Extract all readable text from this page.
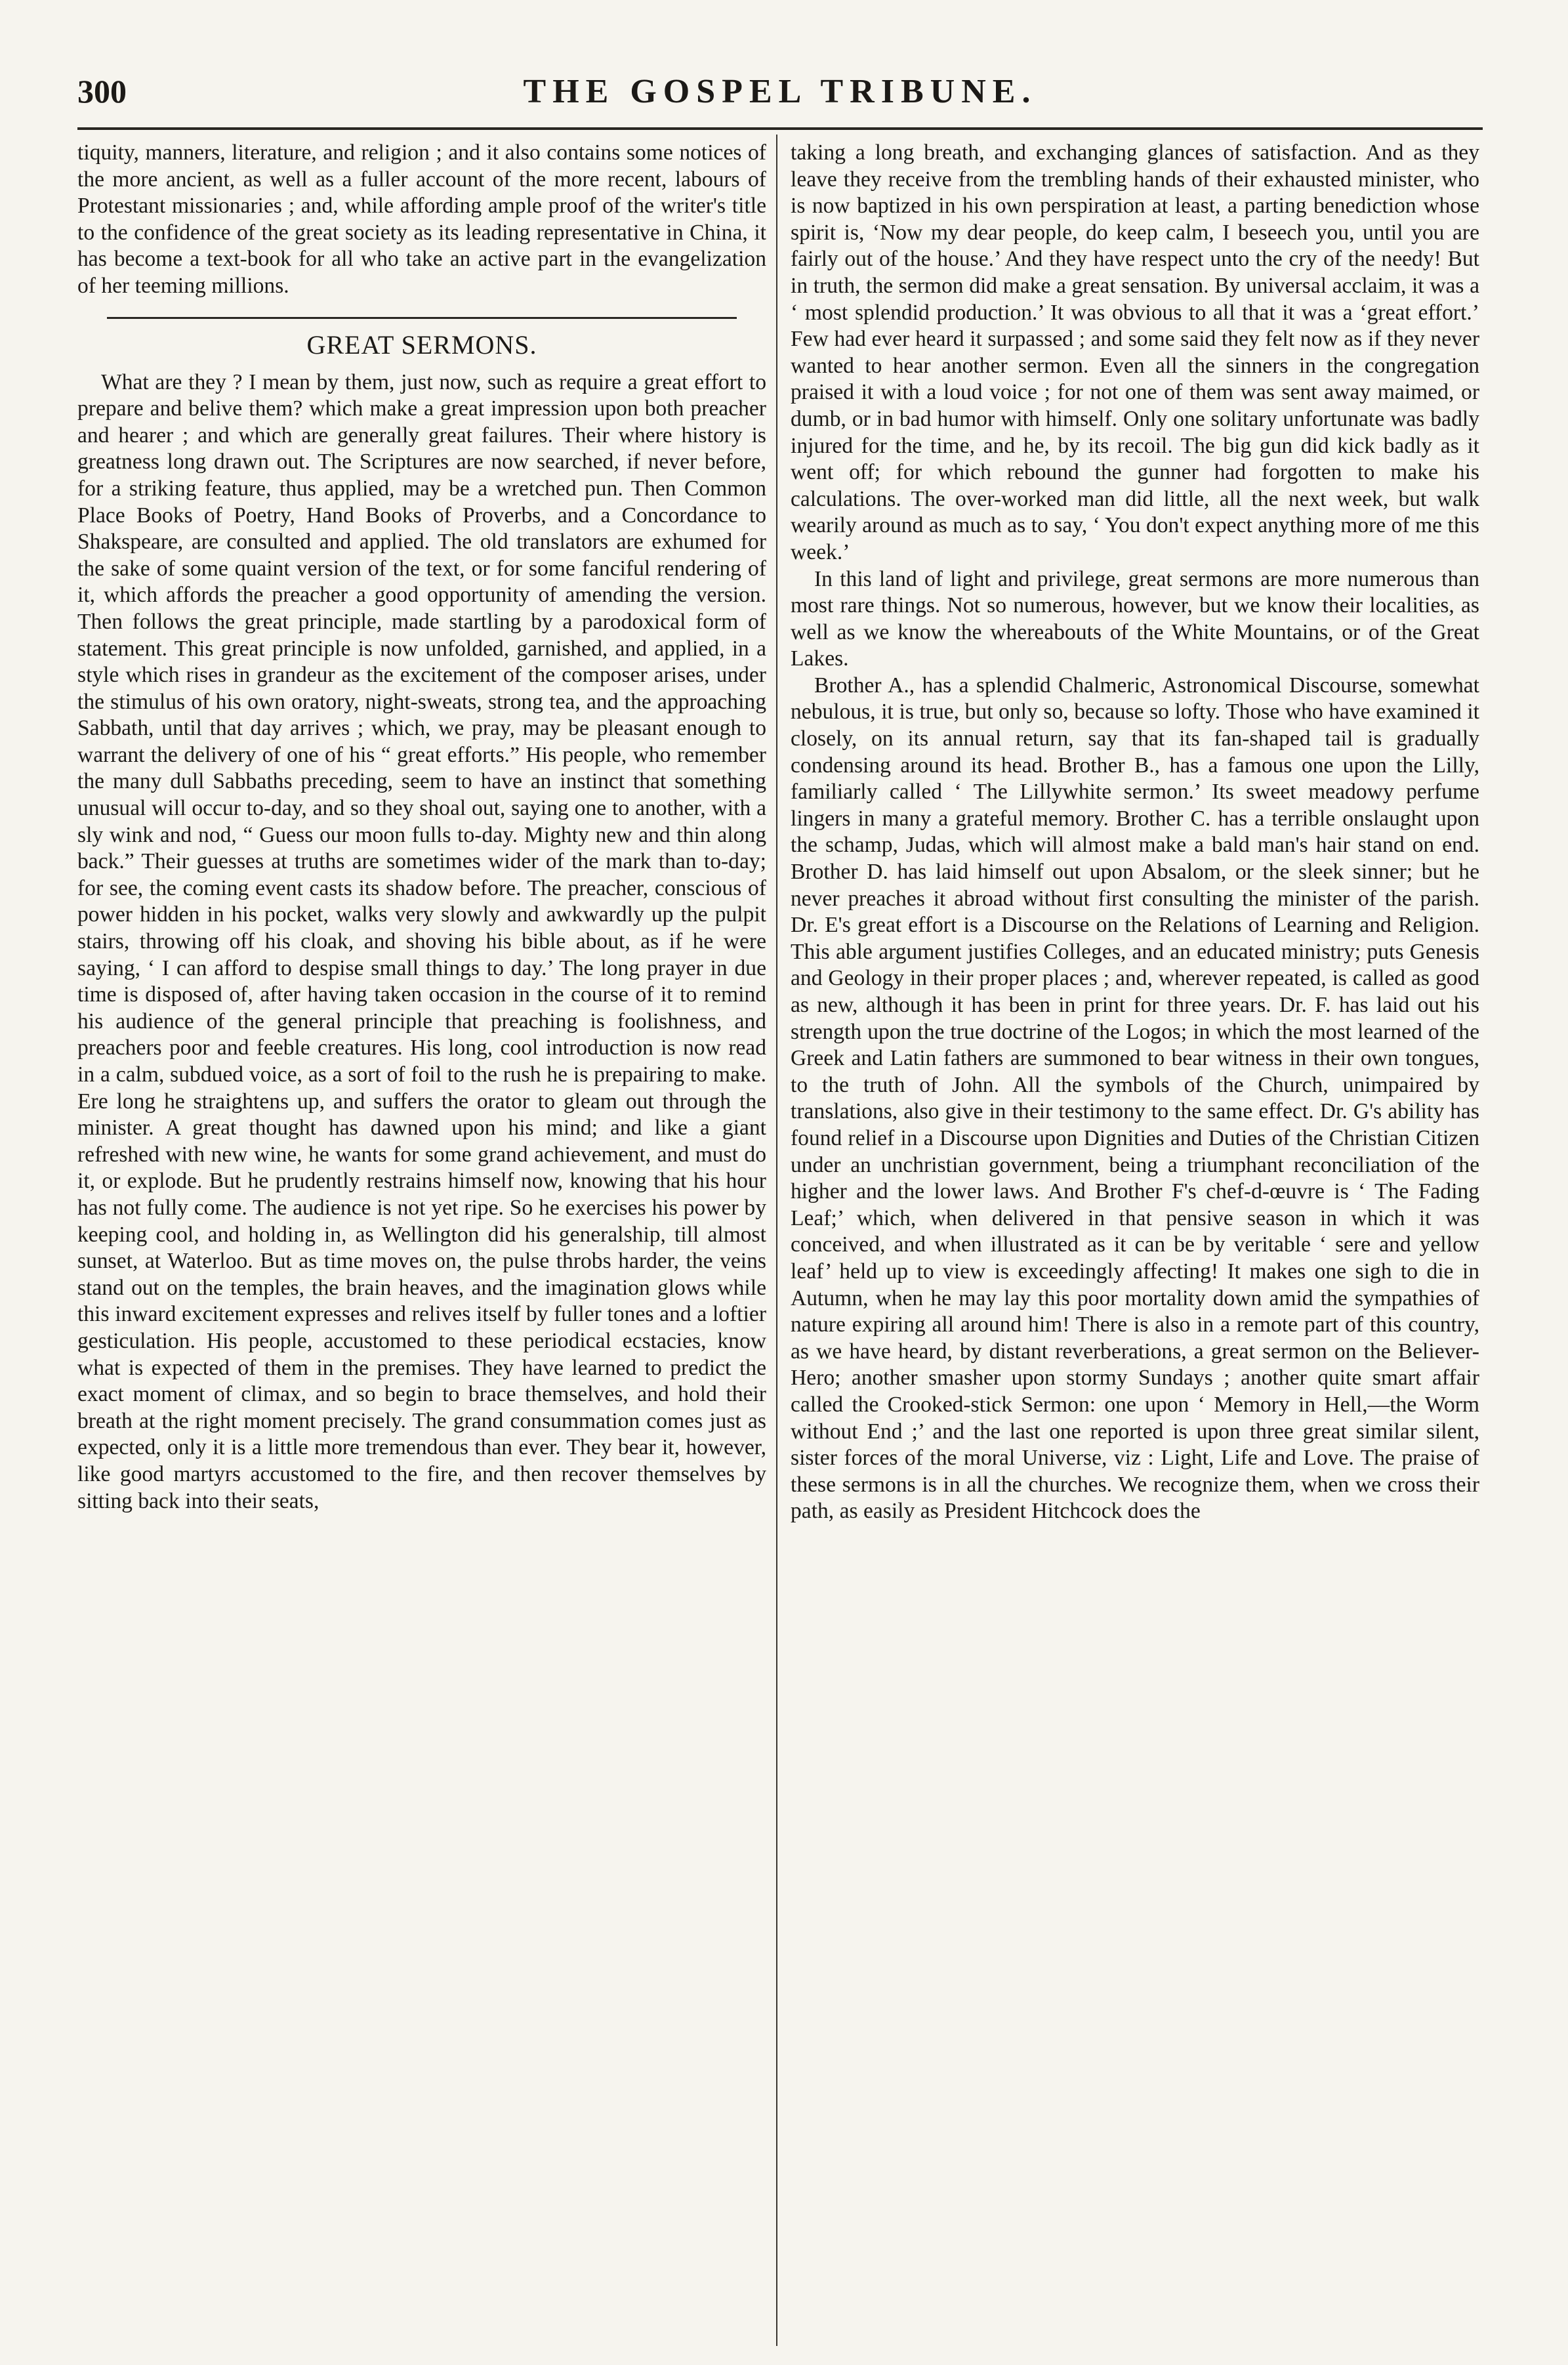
300	THE GOSPEL TRIBUNE.

tiquity, manners, literature, and religion ; and it also contains some notices of the more ancient, as well as a fuller account of the more recent, labours of Protestant missionaries ; and, while affording ample proof of the writer's title to the confidence of the great society as its leading representative in China, it has become a text-book for all who take an active part in the evangelization of her teeming millions.

GREAT SERMONS.

What are they ? I mean by them, just now, such as require a great effort to prepare and belive them? which make a great impression upon both preacher and hearer ; and which are generally great failures. Their where history is greatness long drawn out. The Scriptures are now searched, if never before, for a striking feature, thus applied, may be a wretched pun. Then Common Place Books of Poetry, Hand Books of Proverbs, and a Concordance to Shakspeare, are consulted and applied. The old translators are exhumed for the sake of some quaint version of the text, or for some fanciful rendering of it, which affords the preacher a good opportunity of amending the version. Then follows the great principle, made startling by a parodoxical form of statement. This great principle is now unfolded, garnished, and applied, in a style which rises in grandeur as the excitement of the composer arises, under the stimulus of his own oratory, night-sweats, strong tea, and the approaching Sabbath, until that day arrives ; which, we pray, may be pleasant enough to warrant the delivery of one of his “ great efforts.” His people, who remember the many dull Sabbaths preceding, seem to have an instinct that something unusual will occur to-day, and so they shoal out, saying one to another, with a sly wink and nod, “ Guess our moon fulls to-day. Mighty new and thin along back.” Their guesses at truths are sometimes wider of the mark than to-day; for see, the coming event casts its shadow before. The preacher, conscious of power hidden in his pocket, walks very slowly and awkwardly up the pulpit stairs, throwing off his cloak, and shoving his bible about, as if he were saying, ‘ I can afford to despise small things to day.’ The long prayer in due time is disposed of, after having taken occasion in the course of it to remind his audience of the general principle that preaching is foolishness, and preachers poor and feeble creatures. His long, cool introduction is now read in a calm, subdued voice, as a sort of foil to the rush he is prepairing to make. Ere long he straightens up, and suffers the orator to gleam out through the minister. A great thought has dawned upon his mind; and like a giant refreshed with new wine, he wants for some grand achievement, and must do it, or explode. But he prudently restrains himself now, knowing that his hour has not fully come. The audience is not yet ripe. So he exercises his power by keeping cool, and holding in, as Wellington did his generalship, till almost sunset, at Waterloo. But as time moves on, the pulse throbs harder, the veins stand out on the temples, the brain heaves, and the imagination glows while this inward excitement expresses and relives itself by fuller tones and a loftier gesticulation. His people, accustomed to these periodical ecstacies, know what is expected of them in the premises. They have learned to predict the exact moment of climax, and so begin to brace themselves, and hold their breath at the right moment precisely. The grand consummation comes just as expected, only it is a little more tremendous than ever. They bear it, however, like good martyrs accustomed to the fire, and then recover themselves by sitting back into their seats,

taking a long breath, and exchanging glances of satisfaction. And as they leave they receive from the trembling hands of their exhausted minister, who is now baptized in his own perspiration at least, a parting benediction whose spirit is, ‘Now my dear people, do keep calm, I beseech you, until you are fairly out of the house.’ And they have respect unto the cry of the needy! But in truth, the sermon did make a great sensation. By universal acclaim, it was a ‘ most splendid production.’ It was obvious to all that it was a ‘great effort.’ Few had ever heard it surpassed ; and some said they felt now as if they never wanted to hear another sermon. Even all the sinners in the congregation praised it with a loud voice ; for not one of them was sent away maimed, or dumb, or in bad humor with himself. Only one solitary unfortunate was badly injured for the time, and he, by its recoil. The big gun did kick badly as it went off; for which rebound the gunner had forgotten to make his calculations. The over-worked man did little, all the next week, but walk wearily around as much as to say, ‘ You don't expect anything more of me this week.’

In this land of light and privilege, great sermons are more numerous than most rare things. Not so numerous, however, but we know their localities, as well as we know the whereabouts of the White Mountains, or of the Great Lakes.

Brother A., has a splendid Chalmeric, Astronomical Discourse, somewhat nebulous, it is true, but only so, because so lofty. Those who have examined it closely, on its annual return, say that its fan-shaped tail is gradually condensing around its head. Brother B., has a famous one upon the Lilly, familiarly called ‘ The Lillywhite sermon.’ Its sweet meadowy perfume lingers in many a grateful memory. Brother C. has a terrible onslaught upon the schamp, Judas, which will almost make a bald man's hair stand on end. Brother D. has laid himself out upon Absalom, or the sleek sinner; but he never preaches it abroad without first consulting the minister of the parish. Dr. E's great effort is a Discourse on the Relations of Learning and Religion. This able argument justifies Colleges, and an educated ministry; puts Genesis and Geology in their proper places ; and, wherever repeated, is called as good as new, although it has been in print for three years. Dr. F. has laid out his strength upon the true doctrine of the Logos; in which the most learned of the Greek and Latin fathers are summoned to bear witness in their own tongues, to the truth of John. All the symbols of the Church, unimpaired by translations, also give in their testimony to the same effect. Dr. G's ability has found relief in a Discourse upon Dignities and Duties of the Christian Citizen under an unchristian government, being a triumphant reconciliation of the higher and the lower laws. And Brother F's chef-d-œuvre is ‘ The Fading Leaf;’ which, when delivered in that pensive season in which it was conceived, and when illustrated as it can be by veritable ‘ sere and yellow leaf’ held up to view is exceedingly affecting! It makes one sigh to die in Autumn, when he may lay this poor mortality down amid the sympathies of nature expiring all around him! There is also in a remote part of this country, as we have heard, by distant reverberations, a great sermon on the Believer-Hero; another smasher upon stormy Sundays ; another quite smart affair called the Crooked-stick Sermon: one upon ‘ Memory in Hell,—the Worm without End ;’ and the last one reported is upon three great similar silent, sister forces of the moral Universe, viz : Light, Life and Love. The praise of these sermons is in all the churches. We recognize them, when we cross their path, as easily as President Hitchcock does the
